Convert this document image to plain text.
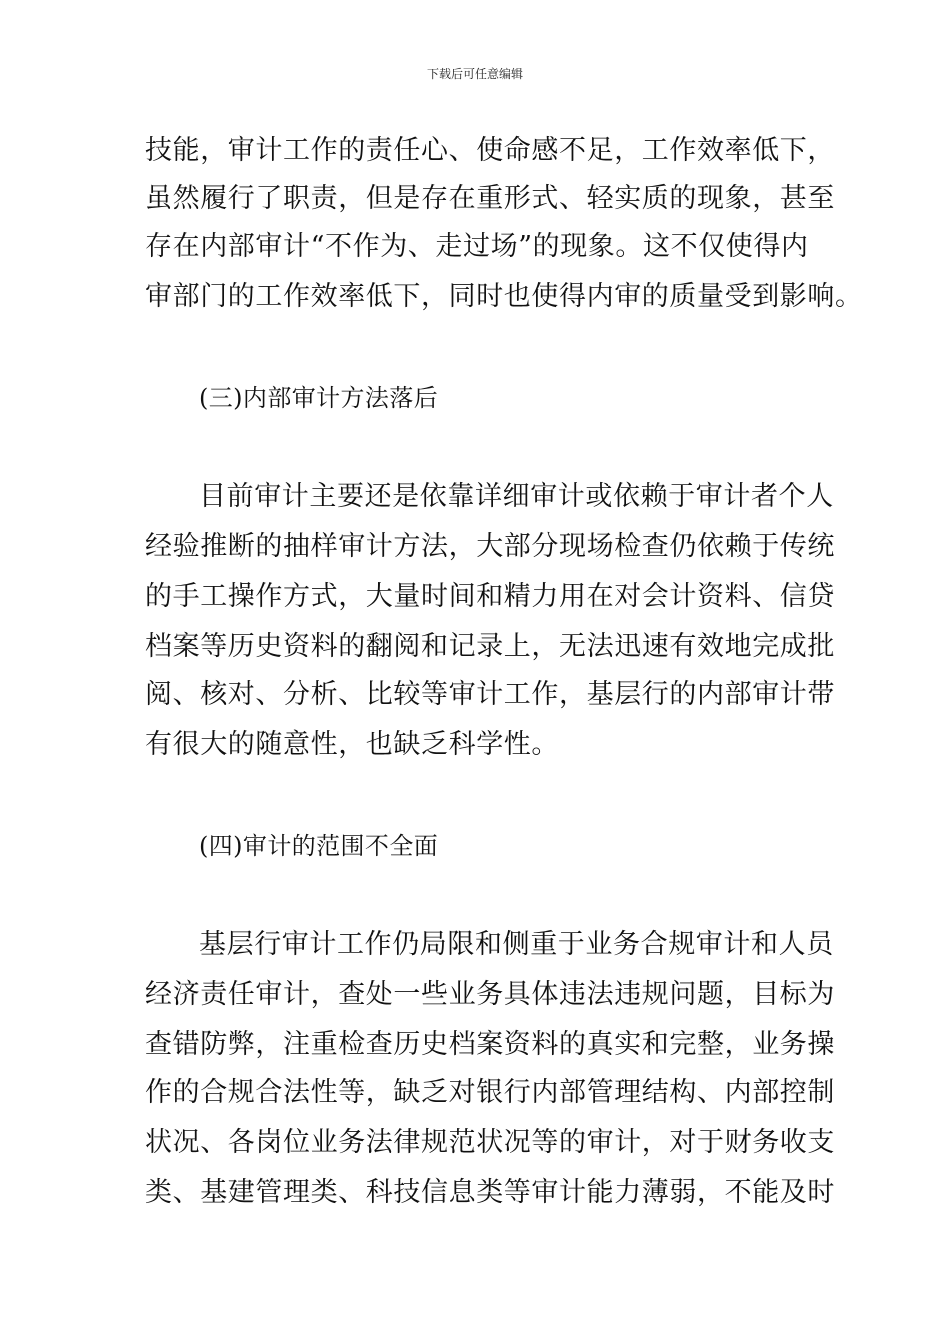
下载后可任意编辑
技能，审计工作的责任心、使命感不足，工作效率低下，
虽然履行了职责，但是存在重形式、轻实质的现象，甚至
存在内部审计“不作为、走过场”的现象。这不仅使得内
审部门的工作效率低下，同时也使得内审的质量受到影响。
(三)内部审计方法落后
目前审计主要还是依靠详细审计或依赖于审计者个人
经验推断的抽样审计方法，大部分现场检查仍依赖于传统
的手工操作方式，大量时间和精力用在对会计资料、信贷
档案等历史资料的翻阅和记录上，无法迅速有效地完成批
阅、核对、分析、比较等审计工作，基层行的内部审计带
有很大的随意性，也缺乏科学性。
(四)审计的范围不全面
基层行审计工作仍局限和侧重于业务合规审计和人员
经济责任审计，查处一些业务具体违法违规问题，目标为
查错防弊，注重检查历史档案资料的真实和完整，业务操
作的合规合法性等，缺乏对银行内部管理结构、内部控制
状况、各岗位业务法律规范状况等的审计，对于财务收支
类、基建管理类、科技信息类等审计能力薄弱，不能及时
